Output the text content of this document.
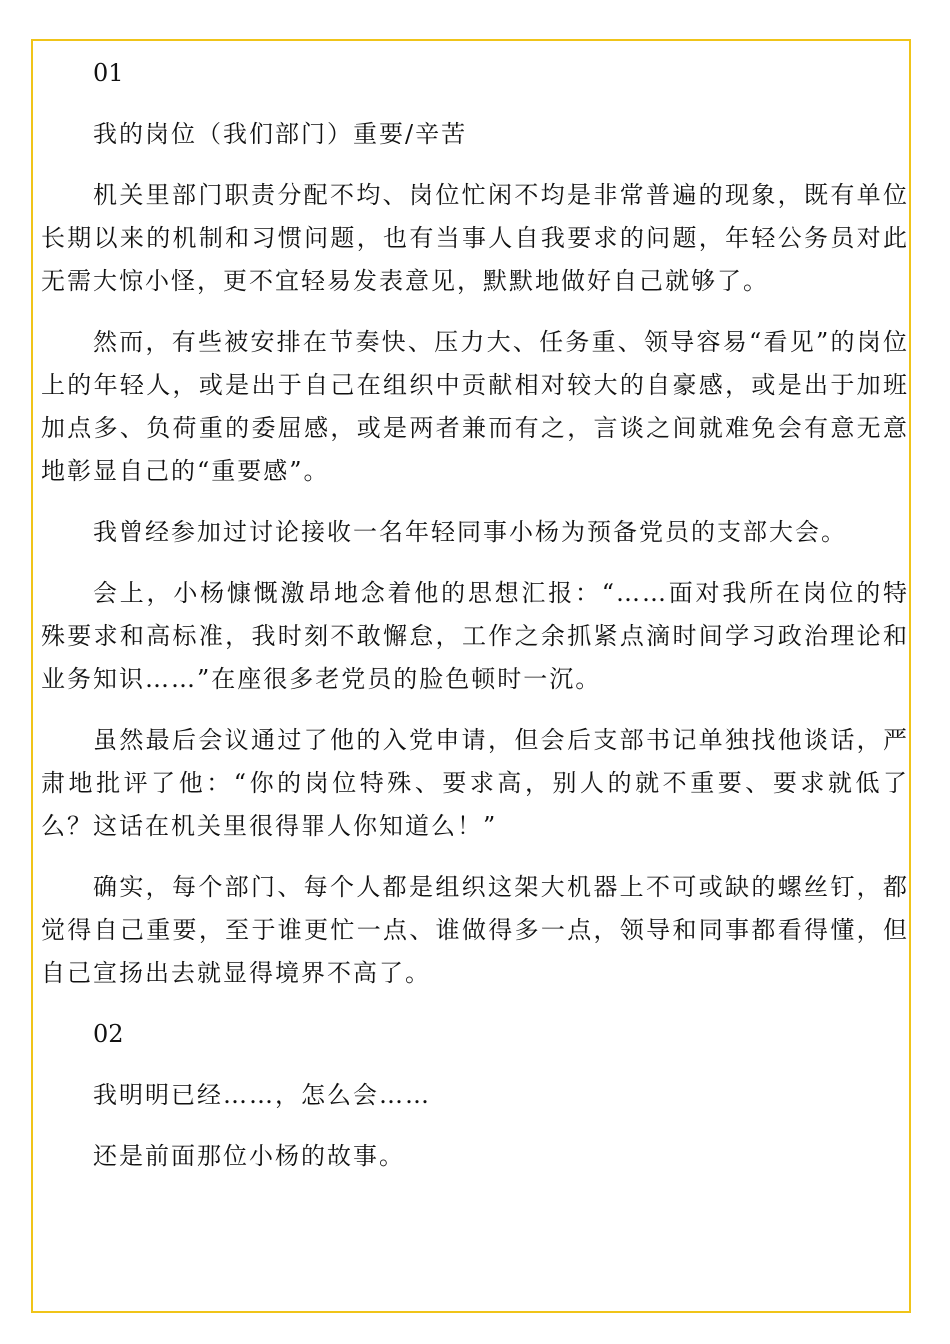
01

我的岗位（我们部门）重要/辛苦

机关里部门职责分配不均、岗位忙闲不均是非常普遍的现象，既有单位长期以来的机制和习惯问题，也有当事人自我要求的问题，年轻公务员对此无需大惊小怪，更不宜轻易发表意见，默默地做好自己就够了。

然而，有些被安排在节奏快、压力大、任务重、领导容易“看见”的岗位上的年轻人，或是出于自己在组织中贡献相对较大的自豪感，或是出于加班加点多、负荷重的委屈感，或是两者兼而有之，言谈之间就难免会有意无意地彰显自己的“重要感”。

我曾经参加过讨论接收一名年轻同事小杨为预备党员的支部大会。

会上，小杨慷慨激昂地念着他的思想汇报：“……面对我所在岗位的特殊要求和高标准，我时刻不敢懈怠，工作之余抓紧点滴时间学习政治理论和业务知识……”在座很多老党员的脸色顿时一沉。

虽然最后会议通过了他的入党申请，但会后支部书记单独找他谈话，严肃地批评了他：“你的岗位特殊、要求高，别人的就不重要、要求就低了么？这话在机关里很得罪人你知道么！”

确实，每个部门、每个人都是组织这架大机器上不可或缺的螺丝钉，都觉得自己重要，至于谁更忙一点、谁做得多一点，领导和同事都看得懂，但自己宣扬出去就显得境界不高了。

02

我明明已经……，怎么会……

还是前面那位小杨的故事。
